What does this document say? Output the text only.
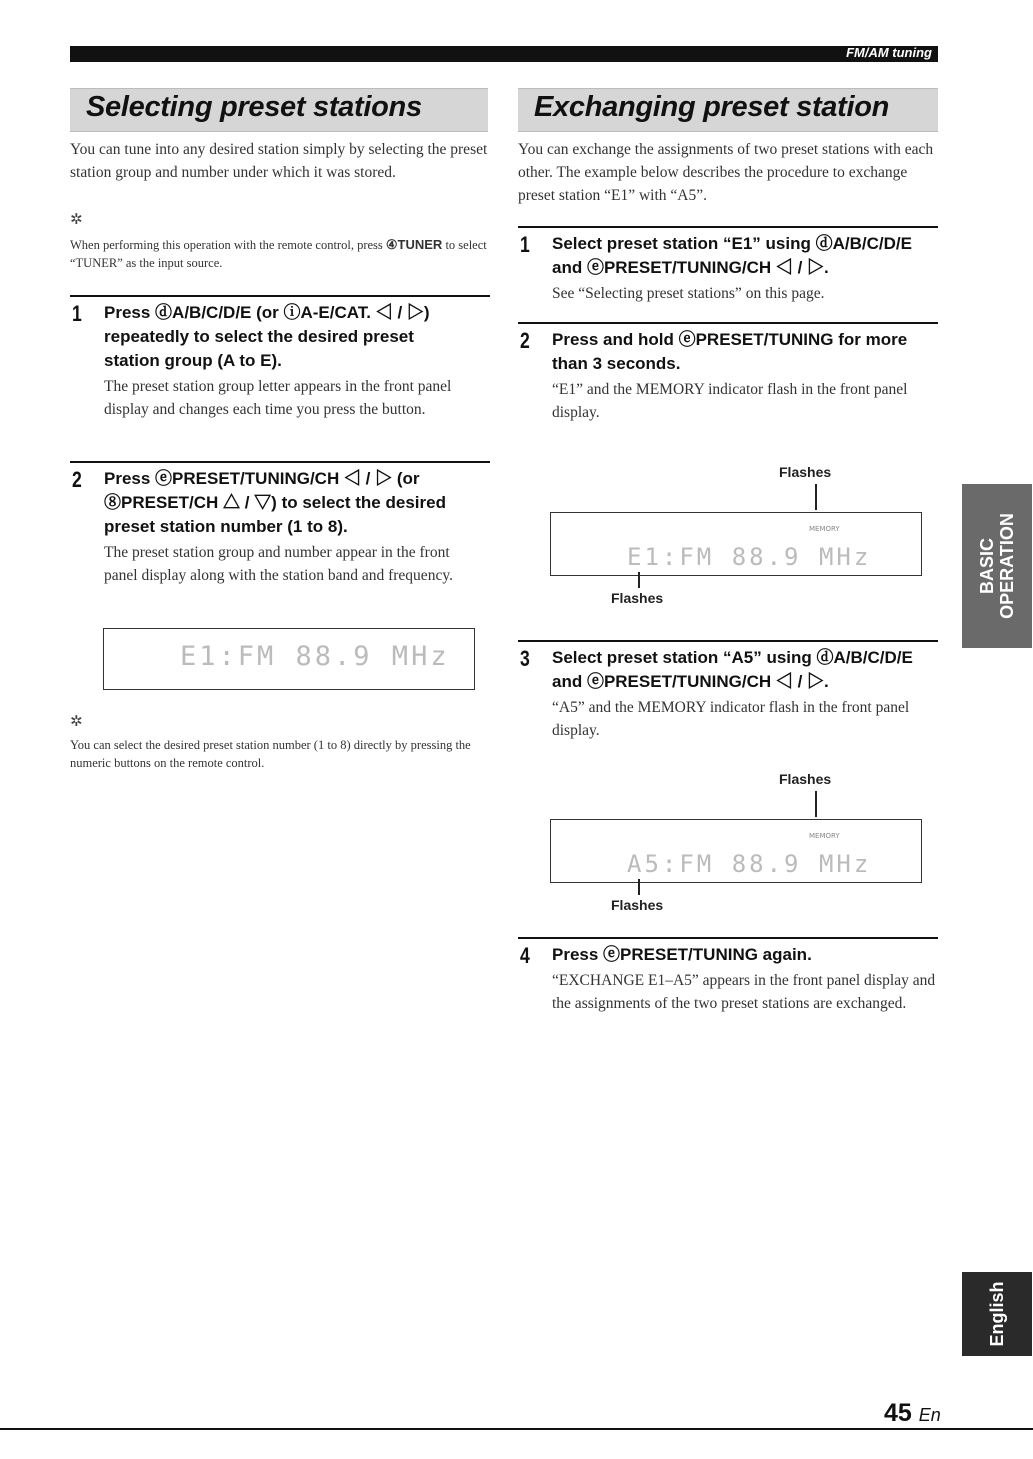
FM/AM tuning
Selecting preset stations
You can tune into any desired station simply by selecting the preset station group and number under which it was stored.
✲
When performing this operation with the remote control, press ④TUNER to select “TUNER” as the input source.
1 Press ⓓA/B/C/D/E (or ⓘA-E/CAT. ◁ / ▷) repeatedly to select the desired preset station group (A to E).
The preset station group letter appears in the front panel display and changes each time you press the button.
2 Press ⓔPRESET/TUNING/CH ◁ / ▷ (or ⑧PRESET/CH △ / ▽) to select the desired preset station number (1 to 8).
The preset station group and number appear in the front panel display along with the station band and frequency.
E1:FM 88.9 MHz
✲
You can select the desired preset station number (1 to 8) directly by pressing the numeric buttons on the remote control.
Exchanging preset station
You can exchange the assignments of two preset stations with each other. The example below describes the procedure to exchange preset station “E1” with “A5”.
1 Select preset station “E1” using ⓓA/B/C/D/E and ⓔPRESET/TUNING/CH ◁ / ▷.
See “Selecting preset stations” on this page.
2 Press and hold ⓔPRESET/TUNING for more than 3 seconds.
“E1” and the MEMORY indicator flash in the front panel display.
Flashes
MEMORY
E1:FM 88.9 MHz
Flashes
3 Select preset station “A5” using ⓓA/B/C/D/E and ⓔPRESET/TUNING/CH ◁ / ▷.
“A5” and the MEMORY indicator flash in the front panel display.
Flashes
MEMORY
A5:FM 88.9 MHz
Flashes
4 Press ⓔPRESET/TUNING again.
“EXCHANGE E1–A5” appears in the front panel display and the assignments of the two preset stations are exchanged.
BASIC OPERATION
English
45 En
